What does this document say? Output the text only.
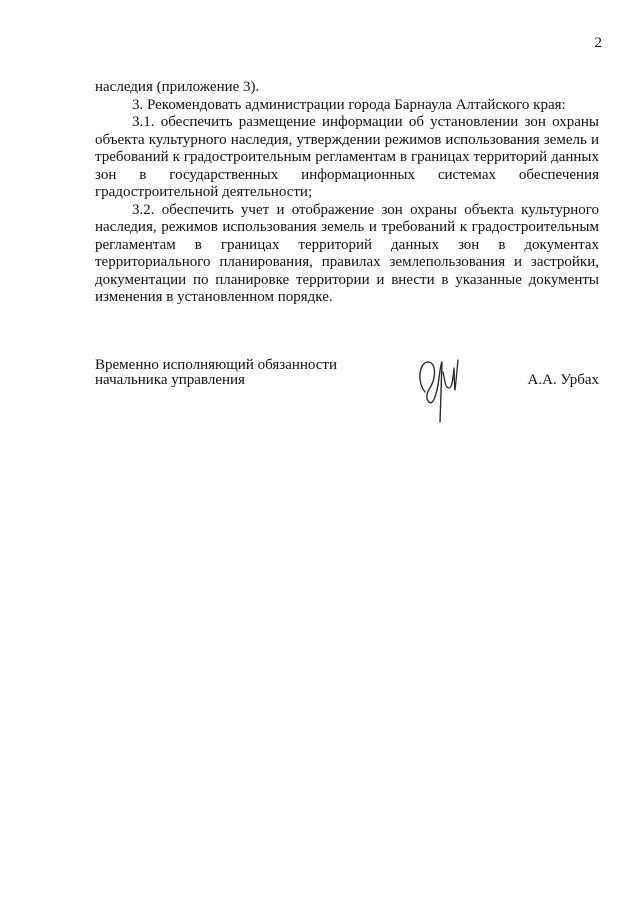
2

наследия (приложение 3).

3. Рекомендовать администрации города Барнаула Алтайского края:

3.1. обеспечить размещение информации об установлении зон охраны объекта культурного наследия, утверждении режимов использования земель и требований к градостроительным регламентам в границах территорий данных зон в государственных информационных системах обеспечения градостроительной деятельности;

3.2. обеспечить учет и отображение зон охраны объекта культурного наследия, режимов использования земель и требований к градостроительным регламентам в границах территорий данных зон в документах территориального планирования, правилах землепользования и застройки, документации по планировке территории и внести в указанные документы изменения в установленном порядке.

Временно исполняющий обязанности
начальника управления	А.А. Урбах
